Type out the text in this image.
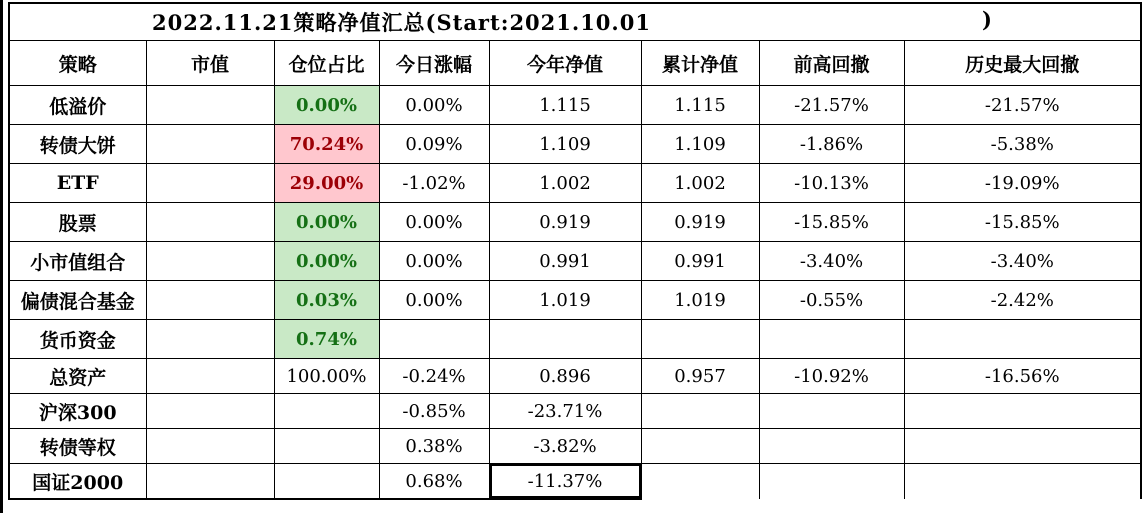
2022.11.21策略净值汇总(Start:2021.10.01 )							

策略	市值	仓位占比	今日涨幅	今年净值	累计净值	前高回撤	历史最大回撤
低溢价		0.00%	0.00%	1.115	1.115	-21.57%	-21.57%
转债大饼		70.24%	0.09%	1.109	1.109	-1.86%	-5.38%
ETF		29.00%	-1.02%	1.002	1.002	-10.13%	-19.09%
股票		0.00%	0.00%	0.919	0.919	-15.85%	-15.85%
小市值组合		0.00%	0.00%	0.991	0.991	-3.40%	-3.40%
偏债混合基金		0.03%	0.00%	1.019	1.019	-0.55%	-2.42%
货币资金		0.74%					
总资产		100.00%	-0.24%	0.896	0.957	-10.92%	-16.56%
沪深300			-0.85%	-23.71%			
转债等权			0.38%	-3.82%			
国证2000			0.68%	-11.37%			
